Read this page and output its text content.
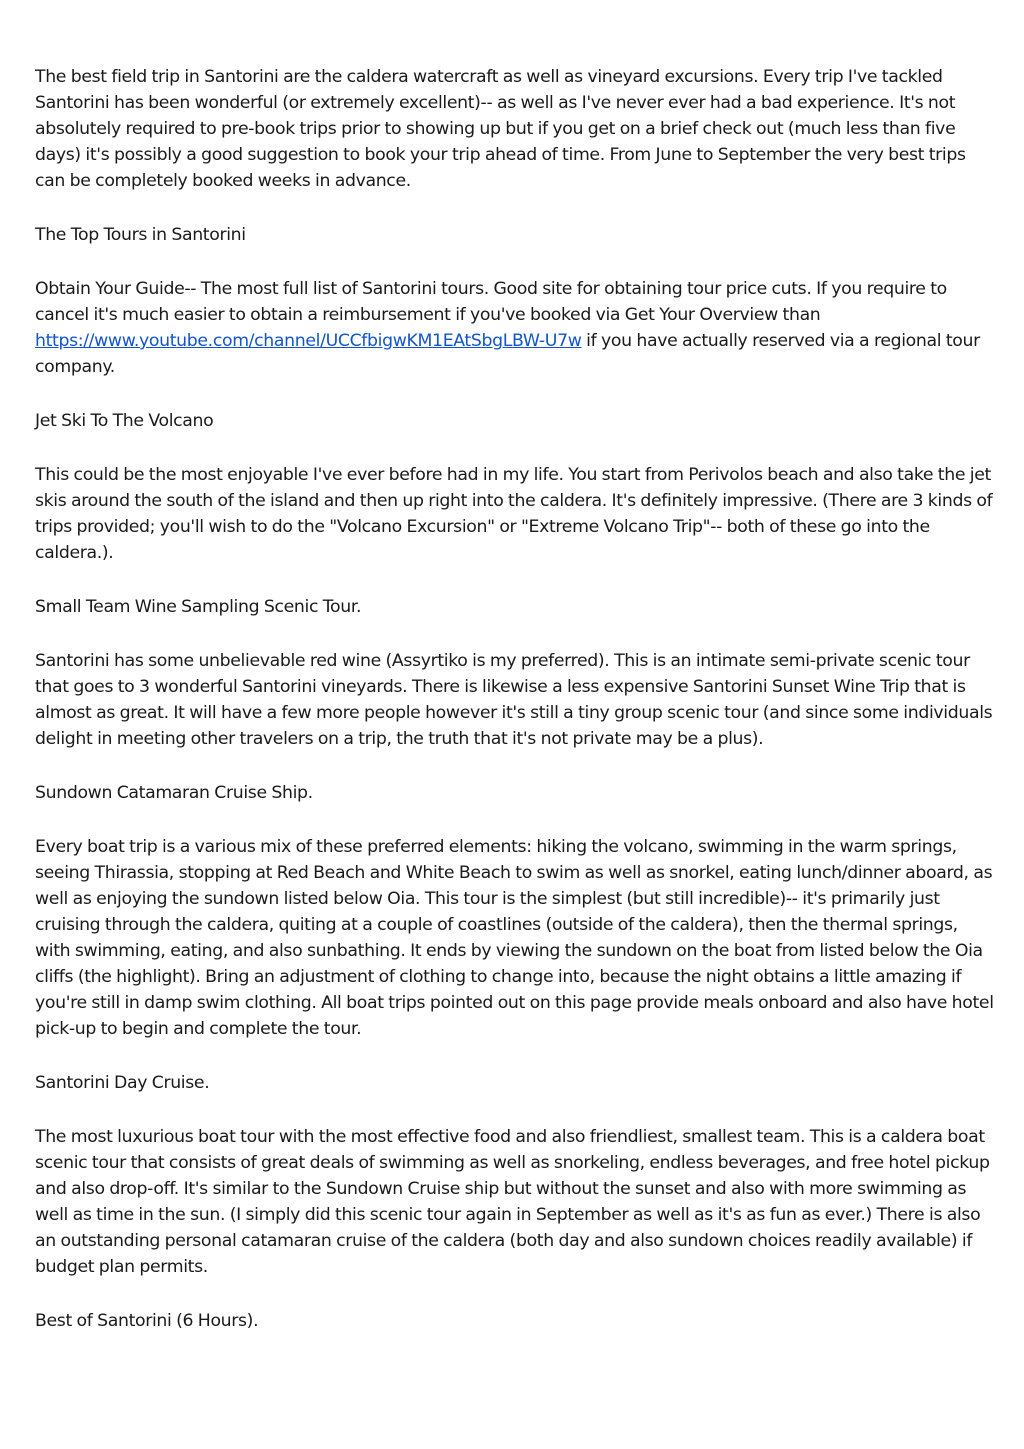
The best field trip in Santorini are the caldera watercraft as well as vineyard excursions. Every trip I've tackled Santorini has been wonderful (or extremely excellent)-- as well as I've never ever had a bad experience. It's not absolutely required to pre-book trips prior to showing up but if you get on a brief check out (much less than five days) it's possibly a good suggestion to book your trip ahead of time. From June to September the very best trips can be completely booked weeks in advance.

The Top Tours in Santorini

Obtain Your Guide-- The most full list of Santorini tours. Good site for obtaining tour price cuts. If you require to cancel it's much easier to obtain a reimbursement if you've booked via Get Your Overview than https://www.youtube.com/channel/UCCfbigwKM1EAtSbgLBW-U7w if you have actually reserved via a regional tour company.

Jet Ski To The Volcano

This could be the most enjoyable I've ever before had in my life. You start from Perivolos beach and also take the jet skis around the south of the island and then up right into the caldera. It's definitely impressive. (There are 3 kinds of trips provided; you'll wish to do the "Volcano Excursion" or "Extreme Volcano Trip"-- both of these go into the caldera.).

Small Team Wine Sampling Scenic Tour.

Santorini has some unbelievable red wine (Assyrtiko is my preferred). This is an intimate semi-private scenic tour that goes to 3 wonderful Santorini vineyards. There is likewise a less expensive Santorini Sunset Wine Trip that is almost as great. It will have a few more people however it's still a tiny group scenic tour (and since some individuals delight in meeting other travelers on a trip, the truth that it's not private may be a plus).

Sundown Catamaran Cruise Ship.

Every boat trip is a various mix of these preferred elements: hiking the volcano, swimming in the warm springs, seeing Thirassia, stopping at Red Beach and White Beach to swim as well as snorkel, eating lunch/dinner aboard, as well as enjoying the sundown listed below Oia. This tour is the simplest (but still incredible)-- it's primarily just cruising through the caldera, quiting at a couple of coastlines (outside of the caldera), then the thermal springs, with swimming, eating, and also sunbathing. It ends by viewing the sundown on the boat from listed below the Oia cliffs (the highlight). Bring an adjustment of clothing to change into, because the night obtains a little amazing if you're still in damp swim clothing. All boat trips pointed out on this page provide meals onboard and also have hotel pick-up to begin and complete the tour.

Santorini Day Cruise.

The most luxurious boat tour with the most effective food and also friendliest, smallest team. This is a caldera boat scenic tour that consists of great deals of swimming as well as snorkeling, endless beverages, and free hotel pickup and also drop-off. It's similar to the Sundown Cruise ship but without the sunset and also with more swimming as well as time in the sun. (I simply did this scenic tour again in September as well as it's as fun as ever.) There is also an outstanding personal catamaran cruise of the caldera (both day and also sundown choices readily available) if budget plan permits.

Best of Santorini (6 Hours).
